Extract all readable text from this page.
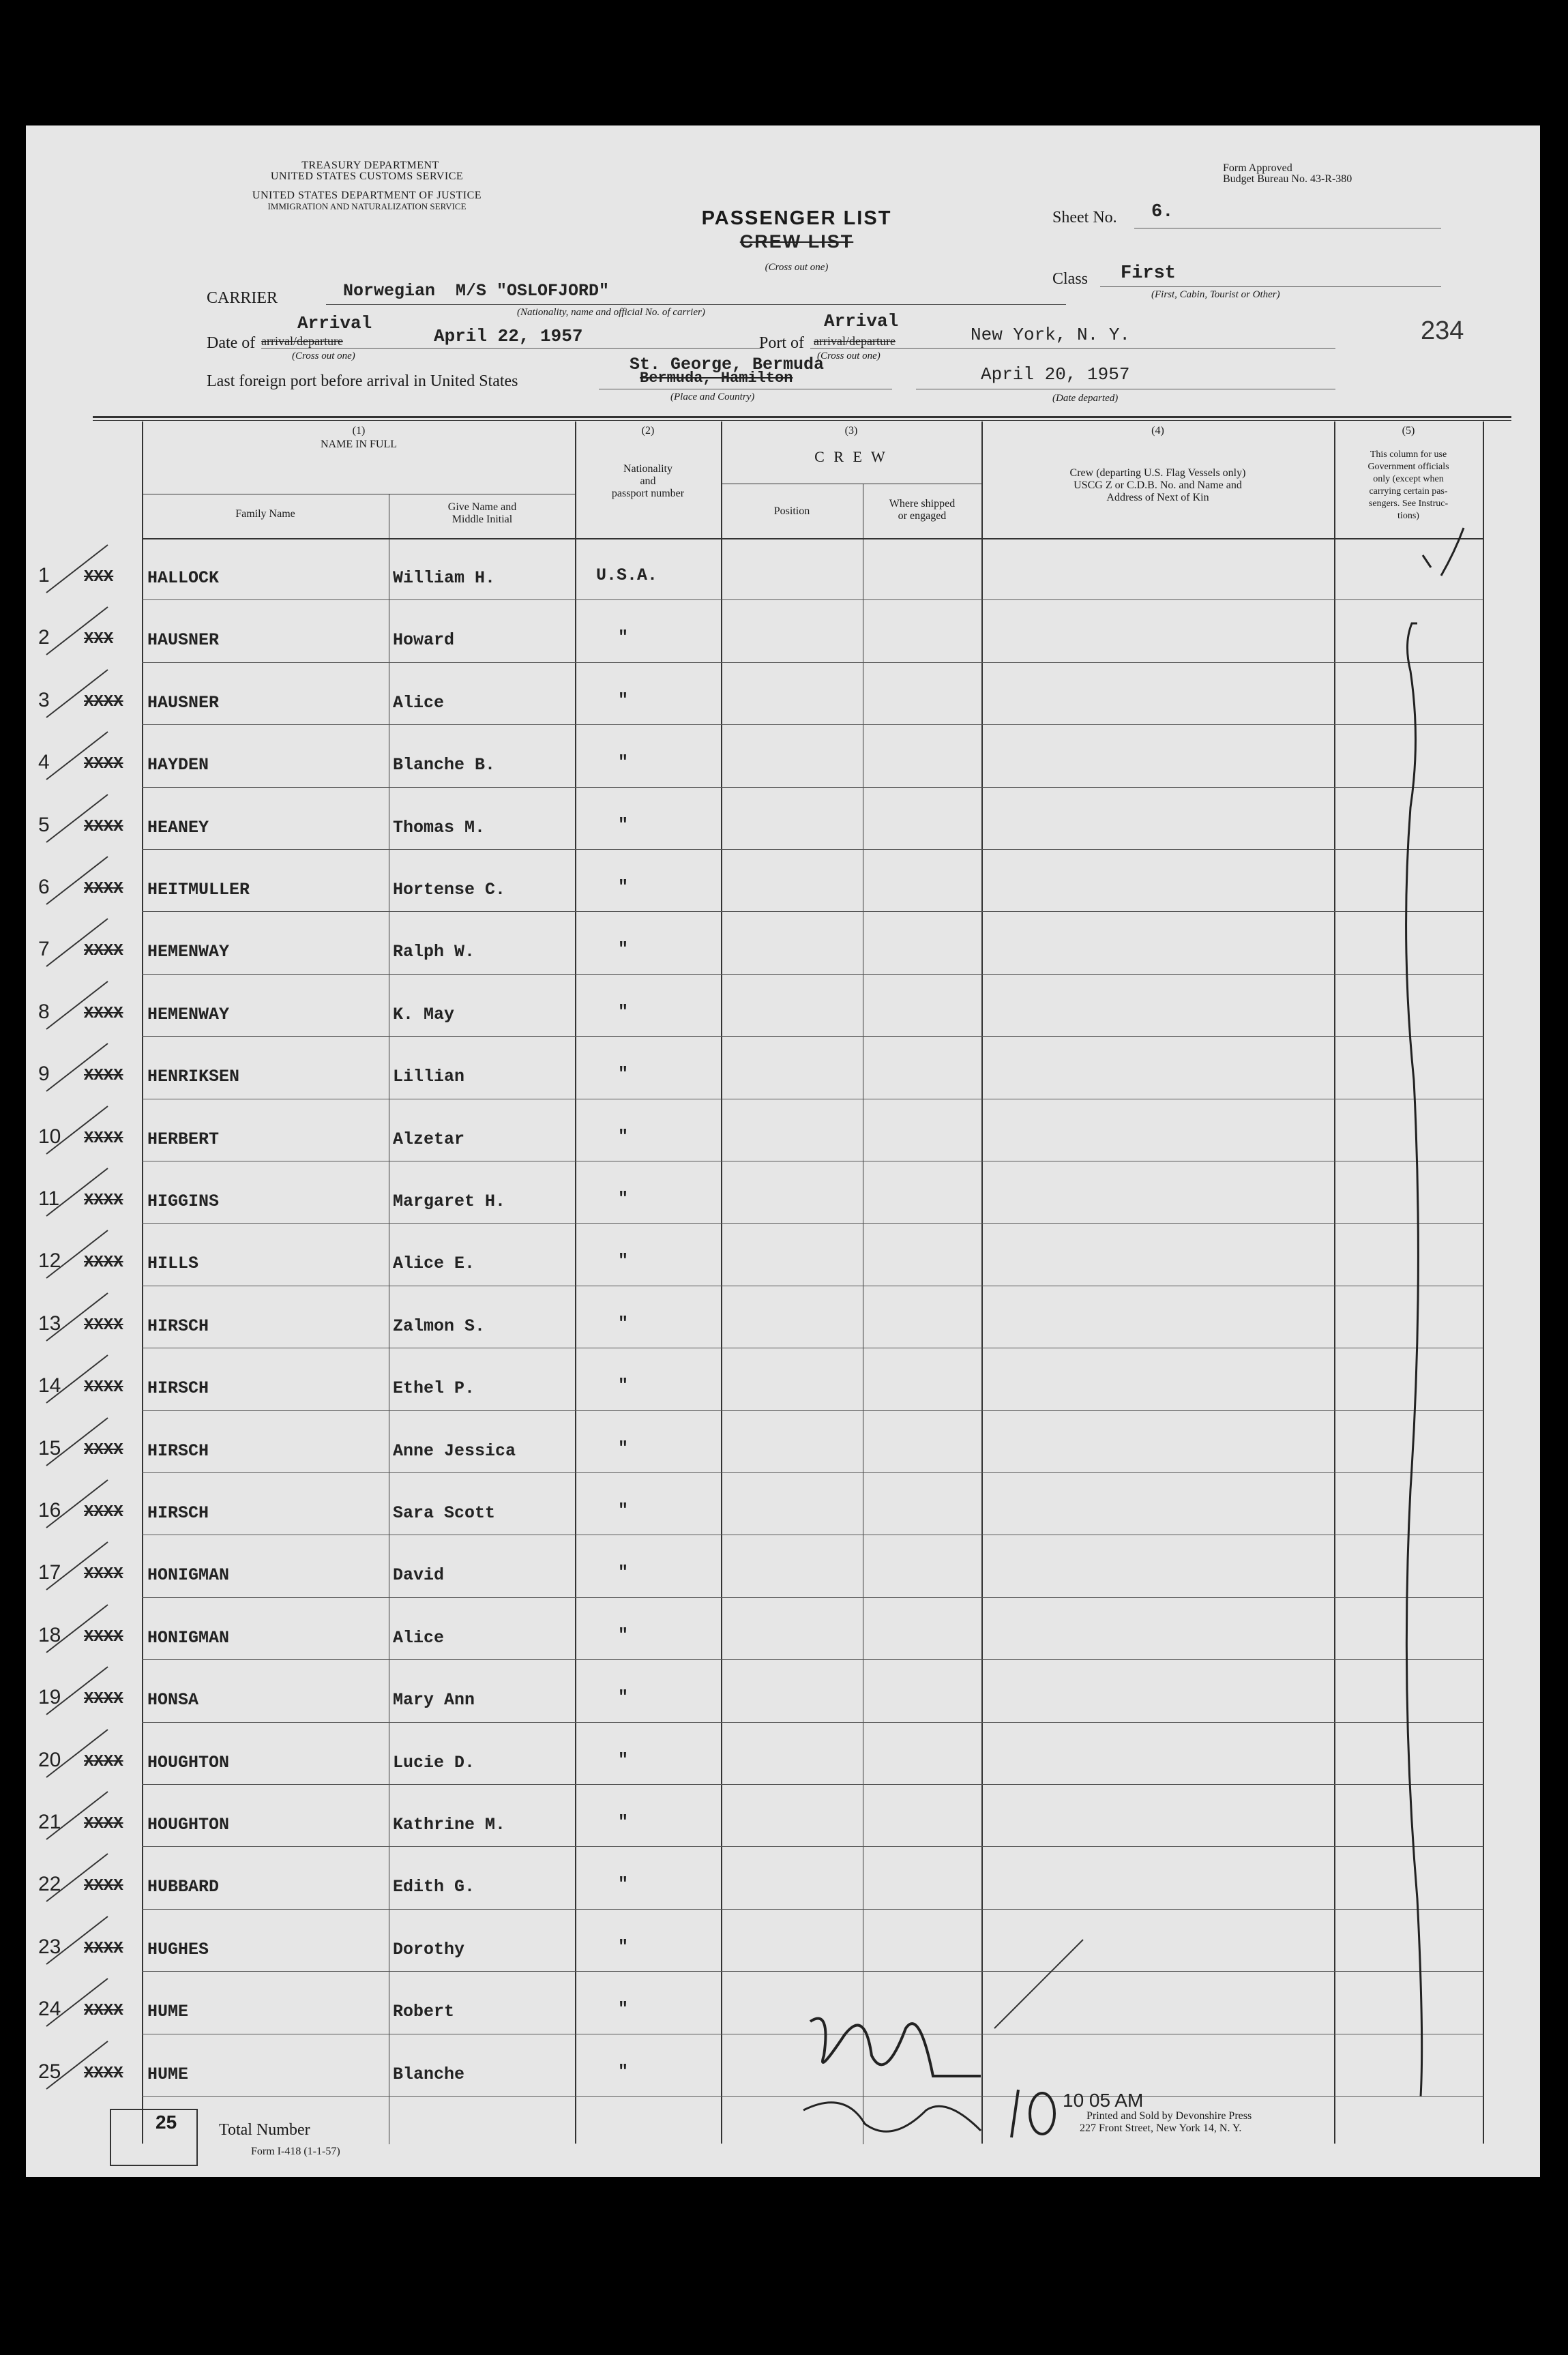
TREASURY DEPARTMENT
UNITED STATES CUSTOMS SERVICE
UNITED STATES DEPARTMENT OF JUSTICE
IMMIGRATION AND NATURALIZATION SERVICE
Form Approved
Budget Bureau No. 43-R-380
PASSENGER LIST
CREW LIST
(Cross out one)
Sheet No. 6.
Class First
(First, Cabin, Tourist or Other)
CARRIER	Norwegian  M/S "OSLOFJORD"
(Nationality, name and official No. of carrier)
Date of
Arrival
arrival/departure	April 22, 1957
(Cross out one)
Port of
Arrival
arrival/departure	New York, N. Y.
(Cross out one)
234
Last foreign port before arrival in United States
St. George, Bermuda
Bermuda, Hamilton
(Place and Country)
April 20, 1957
(Date departed)
(1)
NAME IN FULL
Family Name
Give Name and
Middle Initial
(2)
Nationality
and
passport number
(3)
C R E W
Position
Where shipped
or engaged
(4)
Crew (departing U.S. Flag Vessels only)
USCG Z or C.D.B. No. and Name and
Address of Next of Kin
(5)
This column for use
Government officials
only (except when
carrying certain pas-
sengers. See Instruc-
tions)
1 XXX HALLOCK	William H.	U.S.A.
2 XXX HAUSNER	Howard	"
3 XXXX HAUSNER	Alice	"
4 XXXX HAYDEN	Blanche B.	"
5 XXXX HEANEY	Thomas M.	"
6 XXXX HEITMULLER	Hortense C.	"
7 XXXX HEMENWAY	Ralph W.	"
8 XXXX HEMENWAY	K. May	"
9 XXXX HENRIKSEN	Lillian	"
10 XXXX HERBERT	Alzetar	"
11 XXXX HIGGINS	Margaret H.	"
12 XXXX HILLS	Alice E.	"
13 XXXX HIRSCH	Zalmon S.	"
14 XXXX HIRSCH	Ethel P.	"
15 XXXX HIRSCH	Anne Jessica	"
16 XXXX HIRSCH	Sara Scott	"
17 XXXX HONIGMAN	David	"
18 XXXX HONIGMAN	Alice	"
19 XXXX HONSA	Mary Ann	"
20 XXXX HOUGHTON	Lucie D.	"
21 XXXX HOUGHTON	Kathrine M.	"
22 XXXX HUBBARD	Edith G.	"
23 XXXX HUGHES	Dorothy	"
24 XXXX HUME	Robert	"
25 XXXX HUME	Blanche	"
10 05 AM
25	Total Number
Form I-418 (1-1-57)
Printed and Sold by Devonshire Press
227 Front Street, New York 14, N. Y.
